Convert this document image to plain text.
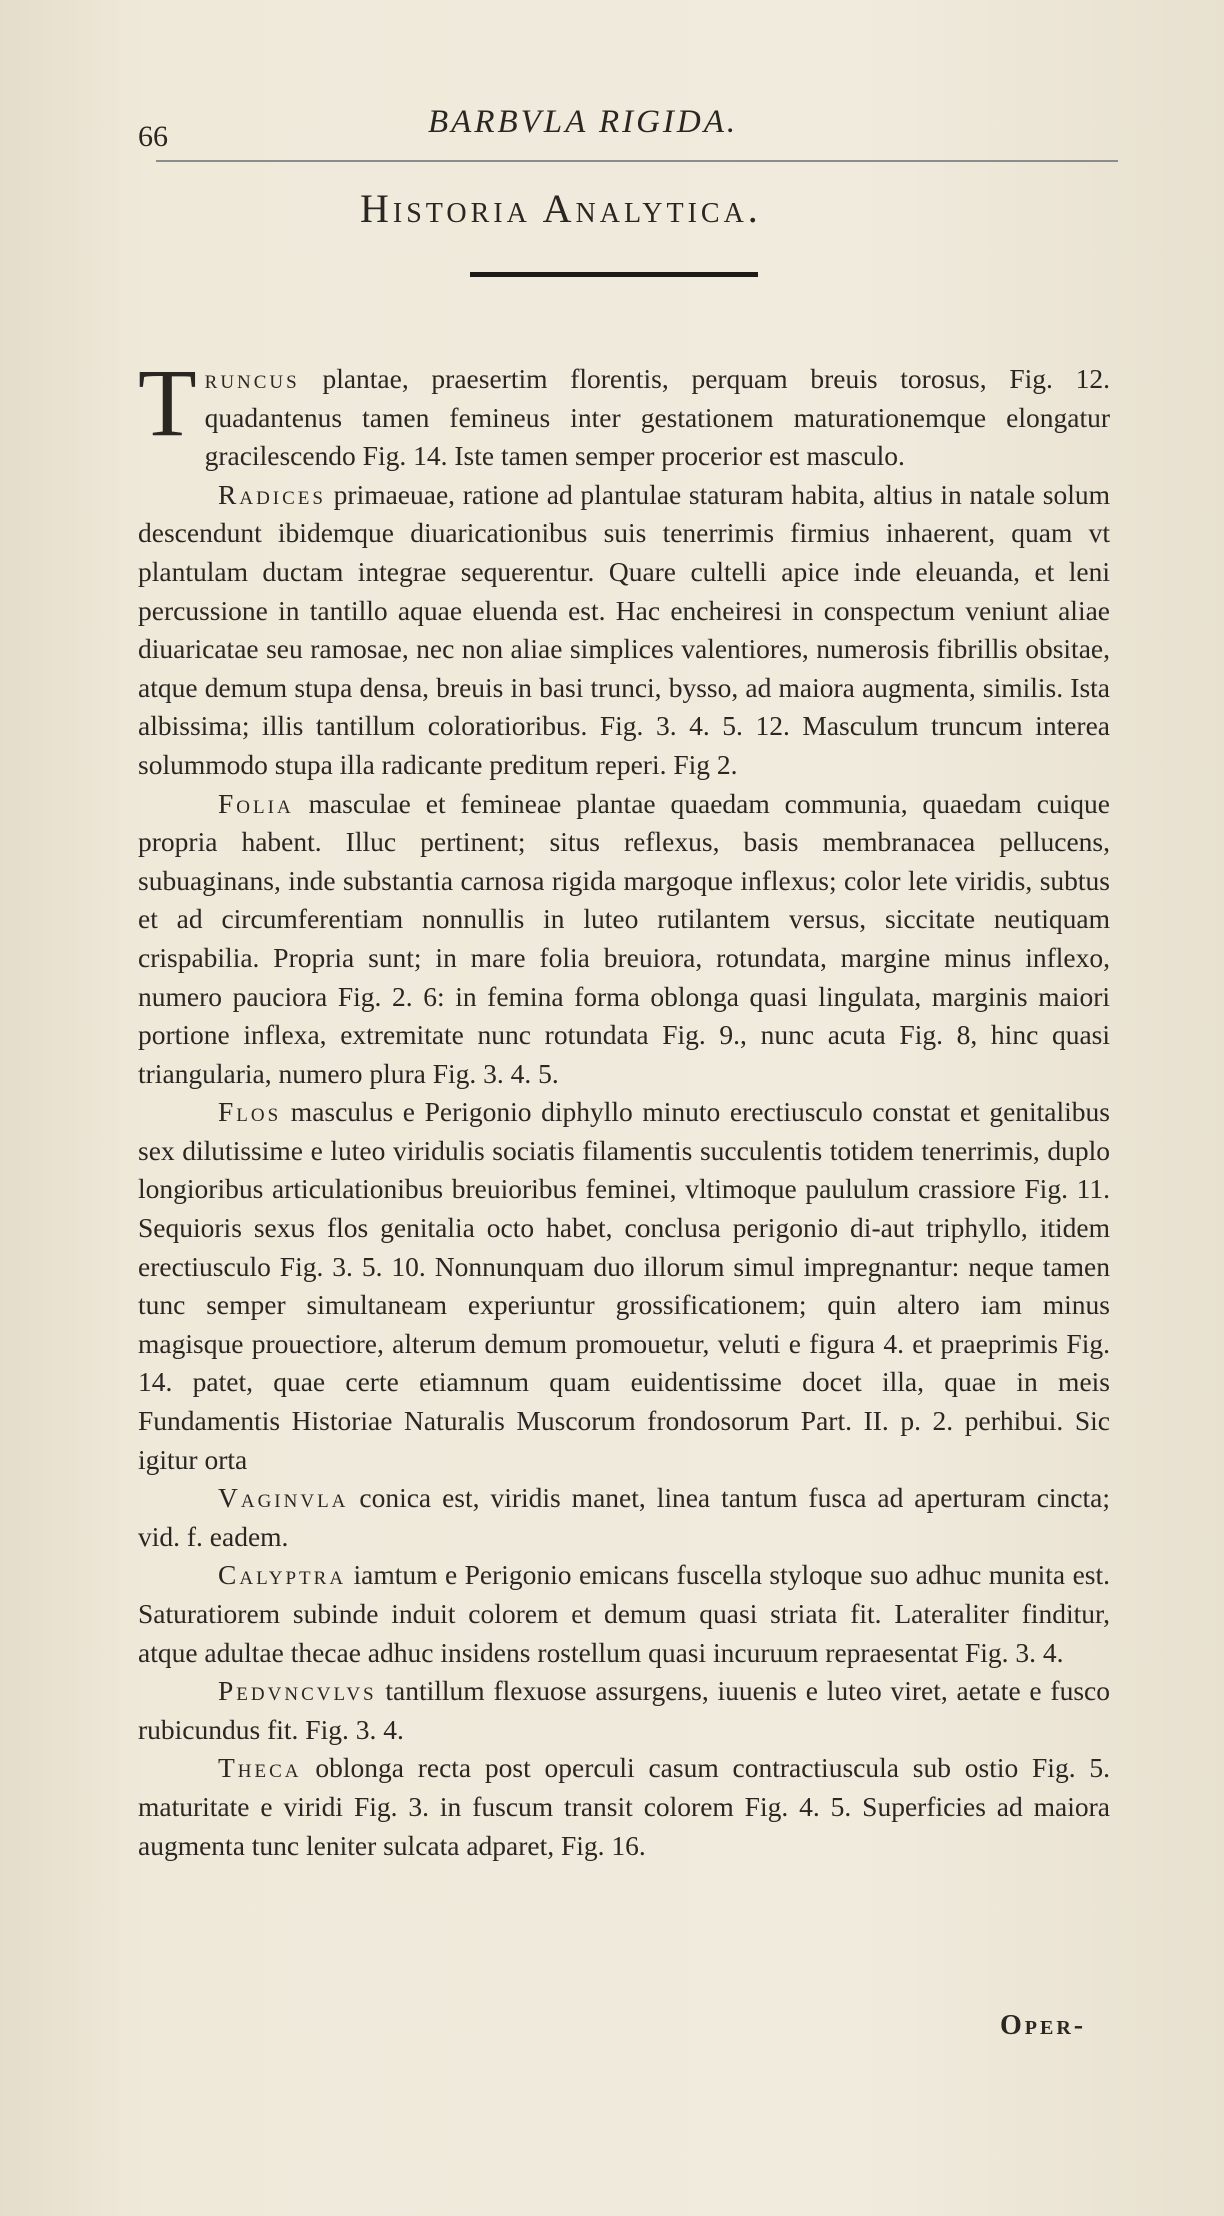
66	BARBVLA RIGIDA.
Historia Analytica.

Truncus plantae, praesertim florentis, perquam breuis torosus, Fig. 12. quadantenus tamen femineus inter gestationem maturationemque elongatur gracilescendo Fig. 14. Iste tamen semper procerior est masculo.

Radices primaeuae, ratione ad plantulae staturam habita, altius in natale solum descendunt ibidemque diuaricationibus suis tenerrimis firmius inhaerent, quam vt plantulam ductam integrae sequerentur. Quare cultelli apice inde eleuanda, et leni percussione in tantillo aquae eluenda est. Hac encheiresi in conspectum veniunt aliae diuaricatae seu ramosae, nec non aliae simplices valentiores, numerosis fibrillis obsitae, atque demum stupa densa, breuis in basi trunci, bysso, ad maiora augmenta, similis. Ista albissima; illis tantillum coloratioribus. Fig. 3. 4. 5. 12. Masculum truncum interea solummodo stupa illa radicante preditum reperi. Fig 2.

Folia masculae et femineae plantae quaedam communia, quaedam cuique propria habent. Illuc pertinent; situs reflexus, basis membranacea pellucens, subuaginans, inde substantia carnosa rigida margoque inflexus; color lete viridis, subtus et ad circumferentiam nonnullis in luteo rutilantem versus, siccitate neutiquam crispabilia. Propria sunt; in mare folia breuiora, rotundata, margine minus inflexo, numero pauciora Fig. 2. 6: in femina forma oblonga quasi lingulata, marginis maiori portione inflexa, extremitate nunc rotundata Fig. 9., nunc acuta Fig. 8, hinc quasi triangularia, numero plura Fig. 3. 4. 5.

Flos masculus e Perigonio diphyllo minuto erectiusculo constat et genitalibus sex dilutissime e luteo viridulis sociatis filamentis succulentis totidem tenerrimis, duplo longioribus articulationibus breuioribus feminei, vltimoque paululum crassiore Fig. 11. Sequioris sexus flos genitalia octo habet, conclusa perigonio di-aut triphyllo, itidem erectiusculo Fig. 3. 5. 10. Nonnunquam duo illorum simul impregnantur: neque tamen tunc semper simultaneam experiuntur grossificationem; quin altero iam minus magisque prouectiore, alterum demum promouetur, veluti e figura 4. et praeprimis Fig. 14. patet, quae certe etiamnum quam euidentissime docet illa, quae in meis Fundamentis Historiae Naturalis Muscorum frondosorum Part. II. p. 2. perhibui. Sic igitur orta

Vaginvla conica est, viridis manet, linea tantum fusca ad aperturam cincta; vid. f. eadem.

Calyptra iamtum e Perigonio emicans fuscella styloque suo adhuc munita est. Saturatiorem subinde induit colorem et demum quasi striata fit. Lateraliter finditur, atque adultae thecae adhuc insidens rostellum quasi incuruum repraesentat Fig. 3. 4.

Pedvncvlvs tantillum flexuose assurgens, iuuenis e luteo viret, aetate e fusco rubicundus fit. Fig. 3. 4.

Theca oblonga recta post operculi casum contractiuscula sub ostio Fig. 5. maturitate e viridi Fig. 3. in fuscum transit colorem Fig. 4. 5. Superficies ad maiora augmenta tunc leniter sulcata adparet, Fig. 16.

Oper-
